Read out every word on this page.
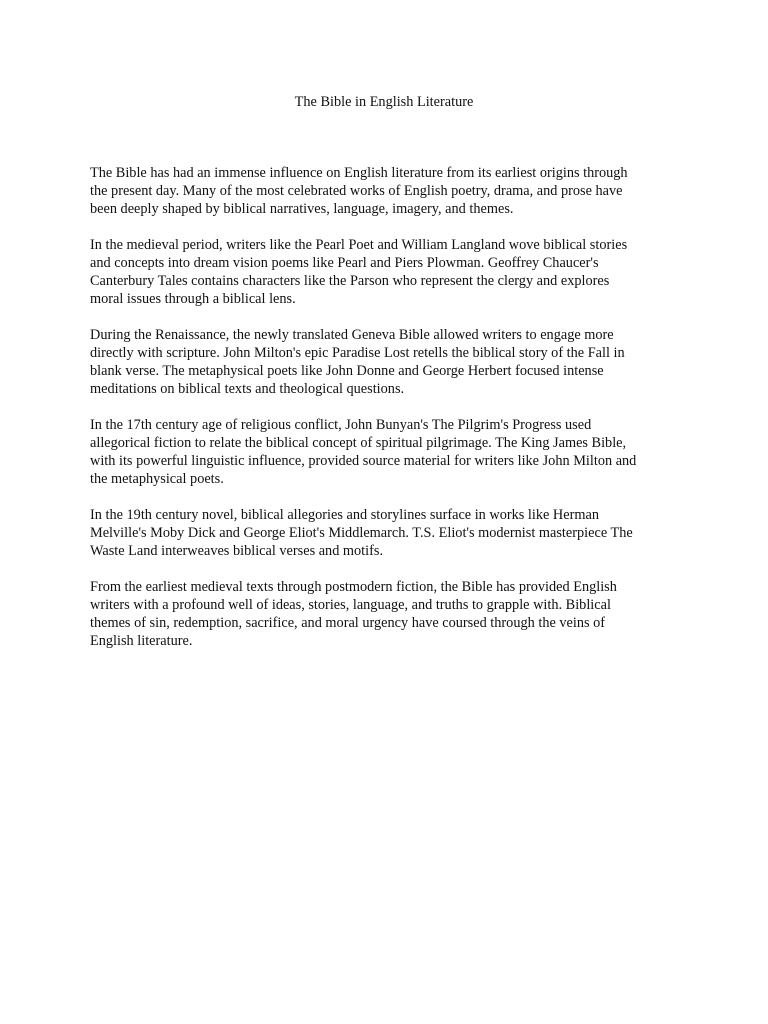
The Bible in English Literature

The Bible has had an immense influence on English literature from its earliest origins through
the present day. Many of the most celebrated works of English poetry, drama, and prose have
been deeply shaped by biblical narratives, language, imagery, and themes.

In the medieval period, writers like the Pearl Poet and William Langland wove biblical stories
and concepts into dream vision poems like Pearl and Piers Plowman. Geoffrey Chaucer's
Canterbury Tales contains characters like the Parson who represent the clergy and explores
moral issues through a biblical lens.

During the Renaissance, the newly translated Geneva Bible allowed writers to engage more
directly with scripture. John Milton's epic Paradise Lost retells the biblical story of the Fall in
blank verse. The metaphysical poets like John Donne and George Herbert focused intense
meditations on biblical texts and theological questions.

In the 17th century age of religious conflict, John Bunyan's The Pilgrim's Progress used
allegorical fiction to relate the biblical concept of spiritual pilgrimage. The King James Bible,
with its powerful linguistic influence, provided source material for writers like John Milton and
the metaphysical poets.

In the 19th century novel, biblical allegories and storylines surface in works like Herman
Melville's Moby Dick and George Eliot's Middlemarch. T.S. Eliot's modernist masterpiece The
Waste Land interweaves biblical verses and motifs.

From the earliest medieval texts through postmodern fiction, the Bible has provided English
writers with a profound well of ideas, stories, language, and truths to grapple with. Biblical
themes of sin, redemption, sacrifice, and moral urgency have coursed through the veins of
English literature.
